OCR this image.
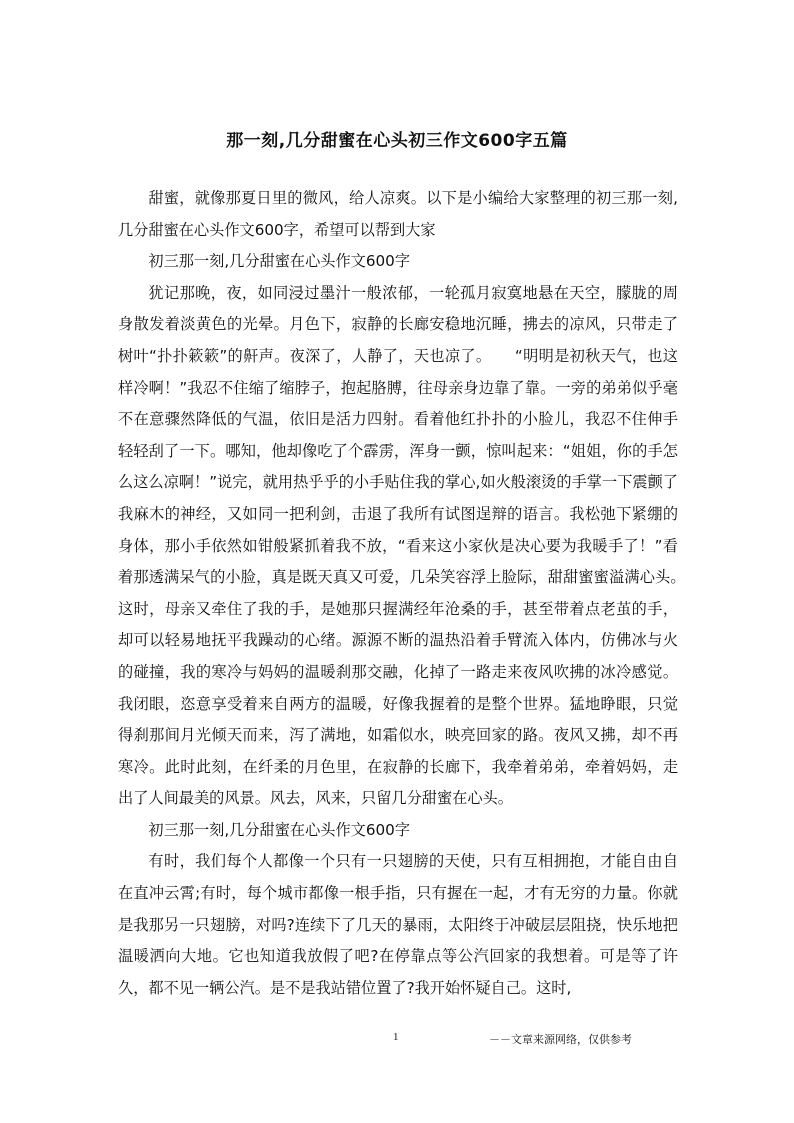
那一刻,几分甜蜜在心头初三作文600字五篇

甜蜜，就像那夏日里的微风，给人凉爽。以下是小编给大家整理的初三那一刻,几分甜蜜在心头作文600字，希望可以帮到大家

初三那一刻,几分甜蜜在心头作文600字

犹记那晚，夜，如同浸过墨汁一般浓郁，一轮孤月寂寞地悬在天空，朦胧的周身散发着淡黄色的光晕。月色下，寂静的长廊安稳地沉睡，拂去的凉风，只带走了树叶“扑扑簌簌”的鼾声。夜深了，人静了，天也凉了。　　“明明是初秋天气，也这样冷啊！”我忍不住缩了缩脖子，抱起胳膊，往母亲身边靠了靠。一旁的弟弟似乎毫不在意骤然降低的气温，依旧是活力四射。看着他红扑扑的小脸儿，我忍不住伸手轻轻刮了一下。哪知，他却像吃了个霹雳，浑身一颤，惊叫起来：“姐姐，你的手怎么这么凉啊！”说完，就用热乎乎的小手贴住我的掌心,如火般滚烫的手掌一下震颤了我麻木的神经，又如同一把利剑，击退了我所有试图逞辩的语言。我松弛下紧绷的身体，那小手依然如钳般紧抓着我不放，“看来这小家伙是决心要为我暖手了！”看着那透满呆气的小脸，真是既天真又可爱，几朵笑容浮上脸际，甜甜蜜蜜溢满心头。　　这时，母亲又牵住了我的手，是她那只握满经年沧桑的手，甚至带着点老茧的手，却可以轻易地抚平我躁动的心绪。源源不断的温热沿着手臂流入体内，仿佛冰与火的碰撞，我的寒冷与妈妈的温暖刹那交融，化掉了一路走来夜风吹拂的冰冷感觉。我闭眼，恣意享受着来自两方的温暖，好像我握着的是整个世界。猛地睁眼，只觉得刹那间月光倾天而来，泻了满地，如霜似水，映亮回家的路。夜风又拂，却不再寒冷。此时此刻，在纤柔的月色里，在寂静的长廊下，我牵着弟弟，牵着妈妈，走出了人间最美的风景。风去，风来，只留几分甜蜜在心头。

初三那一刻,几分甜蜜在心头作文600字

有时，我们每个人都像一个只有一只翅膀的天使，只有互相拥抱，才能自由自在直冲云霄;有时，每个城市都像一根手指，只有握在一起，才有无穷的力量。你就是我那另一只翅膀，对吗?连续下了几天的暴雨，太阳终于冲破层层阻挠，快乐地把温暖洒向大地。它也知道我放假了吧?在停靠点等公汽回家的我想着。可是等了许久，都不见一辆公汽。是不是我站错位置了?我开始怀疑自己。这时,

1	－－文章来源网络，仅供参考
